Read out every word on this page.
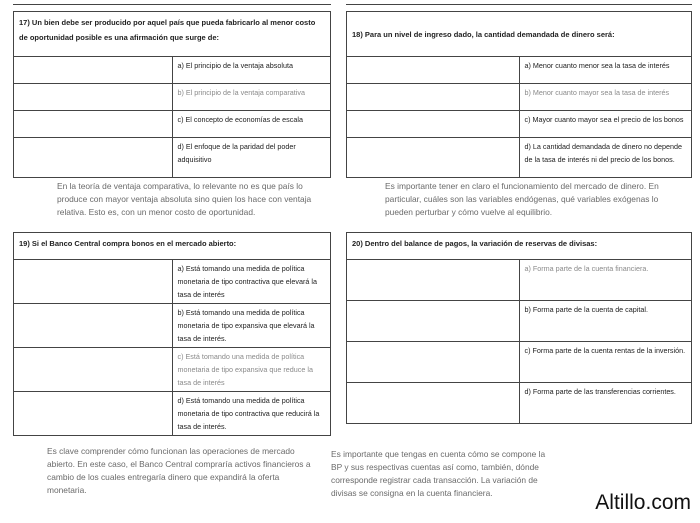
17) Un bien debe ser producido por aquel país que pueda fabricarlo al menor costo de oportunidad posible es una afirmación que surge de:	
	a) El principio de la ventaja absoluta
	b) El principio de la ventaja comparativa
	c) El concepto de economías de escala
	d) El enfoque de la paridad del poder adquisitivo
En la teoría de ventaja comparativa, lo relevante no es que país lo produce con mayor ventaja absoluta sino quien los hace con ventaja relativa. Esto es, con un menor costo de oportunidad.
18) Para un nivel de ingreso dado, la cantidad demandada de dinero será:	
	a) Menor cuanto menor sea la tasa de interés
	b) Menor cuanto mayor sea la tasa de interés
	c) Mayor cuanto mayor sea el precio de los bonos
	d) La cantidad demandada de dinero no depende de la tasa de interés ni del precio de los bonos.
Es importante tener en claro el funcionamiento del mercado de dinero. En particular, cuáles son las variables endógenas, qué variables exógenas lo pueden perturbar y cómo vuelve al equilibrio.
19) Si el Banco Central compra bonos en el mercado abierto:	
	a) Está tomando una medida de política monetaria de tipo contractiva que elevará la tasa de interés
	b) Está tomando una medida de política monetaria de tipo expansiva que elevará la tasa de interés.
	c) Está tomando una medida de política monetaria de tipo expansiva que reduce la tasa de interés
	d) Está tomando una medida de política monetaria de tipo contractiva que reducirá la tasa de interés.
Es clave comprender cómo funcionan las operaciones de mercado abierto. En este caso, el Banco Central compraría activos financieros a cambio de los cuales entregaría dinero que expandirá la oferta monetaria.
20) Dentro del balance de pagos, la variación de reservas de divisas:	
	a) Forma parte de la cuenta financiera.
	b) Forma parte de la cuenta de capital.
	c) Forma parte de la cuenta rentas de la inversión.
	d) Forma parte de las transferencias corrientes.
Es importante que tengas en cuenta cómo se compone la BP y sus respectivas cuentas así como, también, dónde corresponde registrar cada transacción. La variación de divisas se consigna en la cuenta financiera.	Altillo.com
